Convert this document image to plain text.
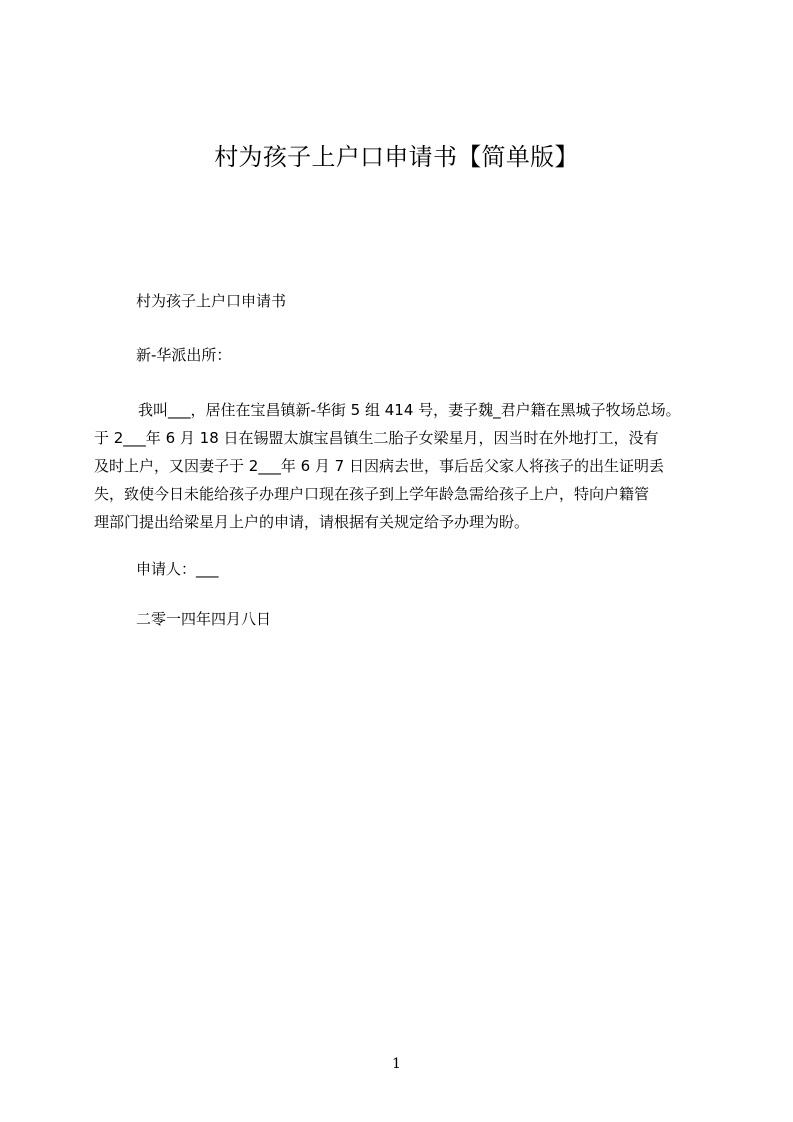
村为孩子上户口申请书【简单版】

村为孩子上户口申请书

新-华派出所：

我叫___，居住在宝昌镇新-华街 5 组 414 号，妻子魏_君户籍在黑城子牧场总场。
于 2___年 6 月 18 日在锡盟太旗宝昌镇生二胎子女梁星月，因当时在外地打工，没有
及时上户，又因妻子于 2___年 6 月 7 日因病去世，事后岳父家人将孩子的出生证明丢
失，致使今日未能给孩子办理户口现在孩子到上学年龄急需给孩子上户，特向户籍管
理部门提出给梁星月上户的申请，请根据有关规定给予办理为盼。

申请人：___

二零一四年四月八日

1
